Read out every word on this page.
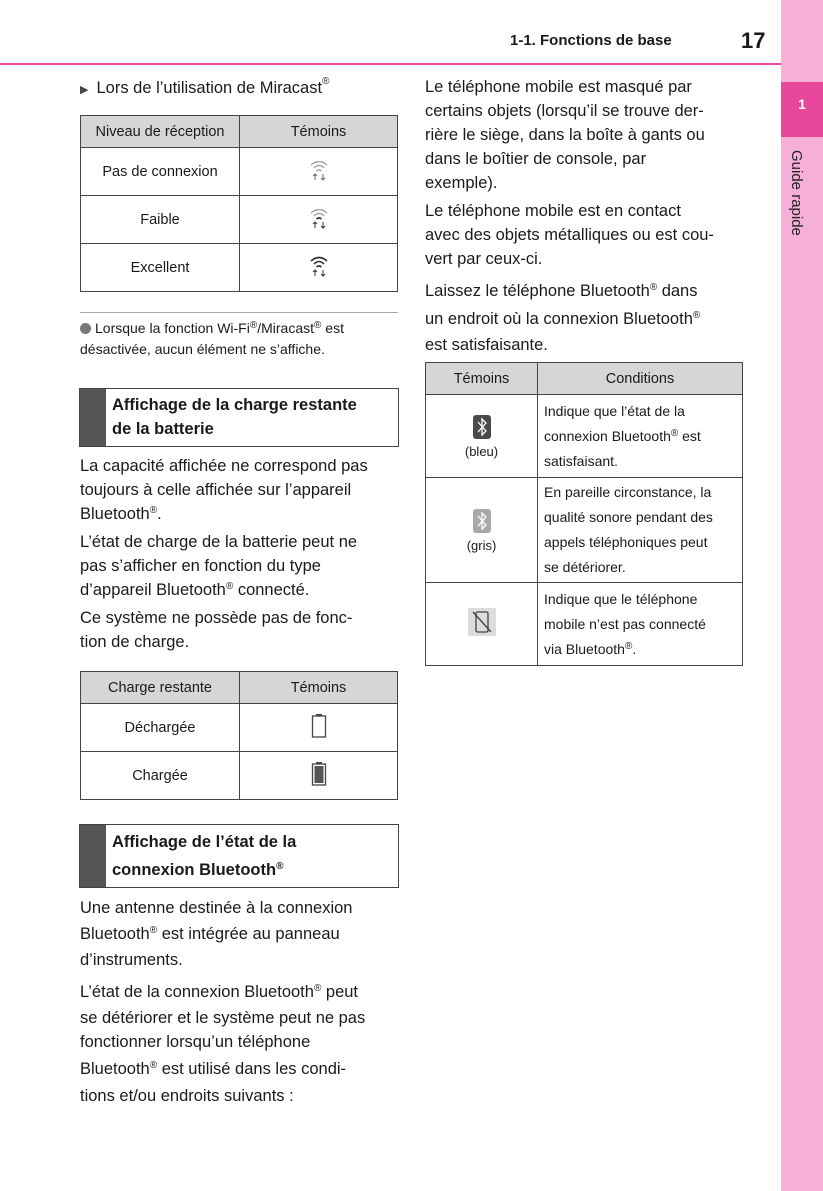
1-1. Fonctions de base	17
1
Guide rapide
▶ Lors de l’utilisation de Miracast®
Niveau de réception	Témoins
Pas de connexion	
Faible	
Excellent	
Lorsque la fonction Wi-Fi®/Miracast® est désactivée, aucun élément ne s’affiche.
Affichage de la charge restante
de la batterie

La capacité affichée ne correspond pas

toujours à celle affichée sur l’appareil

Bluetooth®.

L’état de charge de la batterie peut ne

pas s’afficher en fonction du type

d’appareil Bluetooth® connecté.

Ce système ne possède pas de fonc-

tion de charge.

Charge restante	Témoins
Déchargée	
Chargée	
Affichage de l’état de la
connexion Bluetooth®

Une antenne destinée à la connexion

Bluetooth® est intégrée au panneau

d’instruments.

L’état de la connexion Bluetooth® peut

se détériorer et le système peut ne pas

fonctionner lorsqu’un téléphone

Bluetooth® est utilisé dans les condi-

tions et/ou endroits suivants :

Le téléphone mobile est masqué par

certains objets (lorsqu’il se trouve der-

rière le siège, dans la boîte à gants ou

dans le boîtier de console, par

exemple).

Le téléphone mobile est en contact

avec des objets métalliques ou est cou-

vert par ceux-ci.

Laissez le téléphone Bluetooth® dans

un endroit où la connexion Bluetooth®

est satisfaisante.

Témoins	Conditions

(bleu)	Indique que l’état de la
connexion Bluetooth® est
satisfaisant.

(gris)	En pareille circonstance, la
qualité sonore pendant des
appels téléphoniques peut
se détériorer.

Indique que le téléphone
mobile n’est pas connecté
via Bluetooth®.
